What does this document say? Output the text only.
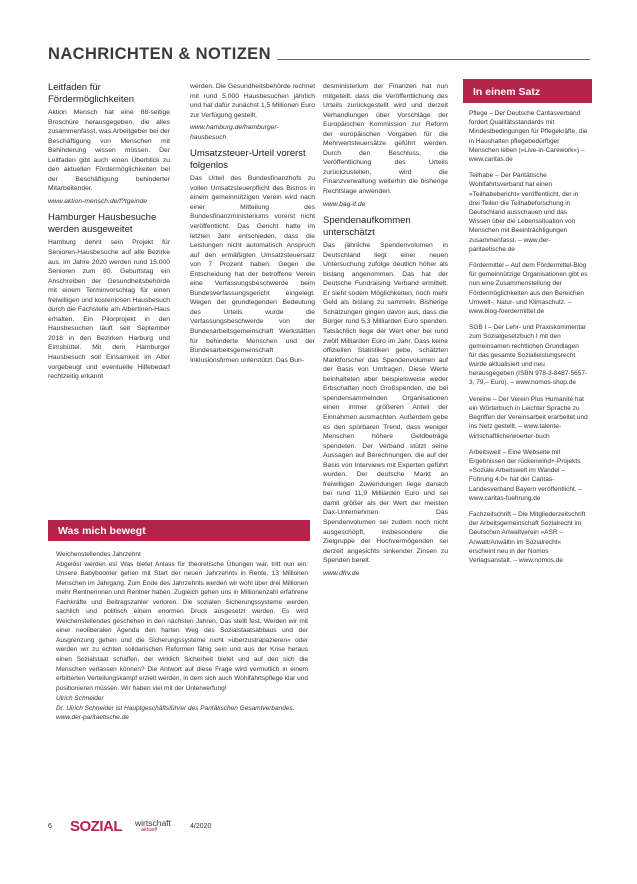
NACHRICHTEN & NOTIZEN
Leitfaden für Fördermöglichkeiten

Aktion Mensch hat eine 88-seitige Broschüre herausgegeben, die alles zusammenfasst, was Arbeitgeber bei der Beschäftigung von Menschen mit Behinderung wissen müssen. Der Leitfaden gibt auch einen Überblick zu den aktuellen Fördermöglichkeiten bei der Beschäftigung behinderter Mitarbeitender.

www.aktion-mensch.de/f?tgeinde

Hamburger Hausbesuche werden ausgeweitet

Hamburg dehnt sein Projekt für Senioren-Hausbesuche auf alle Bezirke aus. Im Jahre 2020 werden rund 15.000 Senioren zum 80. Geburtstag ein Anschreiben der Gesundheitsbehörde mit einem Terminvorschlag für einen freiwilligen und kostenlosen Hausbesuch durch die Fachstelle am Albertinen-Haus erhalten. Ein Pilorprojekt in den Hausbesuchen läuft seit September 2018 in den Bezirken Harburg und Eimsbüttel. Mit dem Hamburger Hausbesuch soll Einsamkeit im Alter vorgebeugt und eventuelle Hilfebedarf rechtzeitig erkannt

werden. Die Gesundheitsbehörde rechnet mit rund 5.000 Hausbesuchen jährlich und hat dafür zunächst 1,5 Millionen Euro zur Verfügung gestellt.

www.hamburg.de/hamburger-hausbesuch

Umsatzsteuer-Urteil vorerst folgenlos

Das Urteil des Bundesfinanzhofs zu vollen Umsatzsteuerpflicht des Bistros in einem gemeinnützigen Verein wird nach einer Mitteilung des Bundesfinanzministeriums vorerst nicht veröffentlicht. Das Gericht hatte im letzten Jahr entschieden, dass die Leistungen nicht automatisch Anspruch auf den ermäßigten Umsatzsteuersatz von 7 Prozent haben. Gegen die Entscheidung hat der betroffene Verein eine Verfassungsbeschwerde beim Bundesverfassungsgericht eingelegt. Wegen der grundlegenden Bedeutung des Urteils wurde die Verfassungsbeschwerde von der Bundesarbeitsgemeinschaft Werkstätten für behinderte Menschen und der Bundesarbeitsgemeinschaft Inklusionsfirmen unterstützt. Das Bun-

desministerium der Finanzen hat nun mitgeteilt, dass die Veröffentlichung des Urteils zurückgestellt wird und derzeit Verhandlungen über Vorschläge der Europäischen Kommission zur Reform der europäischen Vorgaben für die Mehrwertsteuersätze geführt werden. Durch den Beschluss, die Veröffentlichung des Urteils zurückzustellen, wird die Finanzverwaltung weiterhin die bisherige Rechtslage anwenden.

www.bag-if.de

Spendenaufkommen unterschätzt

Das jährliche Spendenvolumen in Deutschland liegt einer neuen Untersuchung zufolge deutlich höher als bislang angenommen. Das hat der Deutsche Fundraising Verband ermittelt. Er sieht sodem Möglichkeiten, noch mehr Geld als bislang zu sammeln. Bisherige Schätzungen gingen davon aus, dass die Bürger rund 5,3 Milliarden Euro spenden. Tatsächlich liege der Wert eher bei rund zwölf Milliarden Euro im Jahr. Dass keine offiziellen Statistiken gebe, schätzten Marktforscher das Spendenvolumen auf der Basis von Umfragen. Diese Werte beinhalteten aber beispielsweise weder Erbschaften noch Großspenden, die bei spendensammelnden Organisationen einen immer größeren Anteil der Einnahmen ausmachten. Außerdem gebe es den spürbaren Trend, dass weniger Menschen höhere Geldbeträge spendeten. Der Verband stützt seine Aussagen auf Berechnungen, die auf der Basis von Interviews mit Experten geführt wurden. Der deutsche Markt an freiwilligen Zuwendungen liege danach bei rund 11,9 Milliarden Euro und sei damit größer als der Wert der meisten Dax-Unternehmen. Das Spendenvolumen sei zudem noch nicht ausgeschöpft, insbesondere die Zielgruppe der Hochvermögenden sei derzeit angesichts sinkender Zinsen zu Spenden bereit.

www.dfrv.de

In einem Satz

Pflege – Der Deutsche Caritasverband fordert Qualitätsstandards mit Mindestbedingungen für Pflegekräfte, die in Haushalten pflegebedürftiger Menschen leben (»Live-in-Carework«) – www.caritas.de

Teilhabe – Der Paritätische Wohlfahrtsverband hat einen »Teilhabebericht« veröffentlicht, der in drei Teilen die Teilhabeforschung in Deutschland ausschauen und das Wissen über die Lebenssituation von Menschen mit Beeinträchtigungen zusammenfasst. – www.der-paritaetische.de

Fördermittel – Auf dem Fördermittel-Blog für gemeinnützige Organisationen gibt es nun eine Zusammenstellung der Fördermöglichkeiten aus den Bereichen Umwelt-, Natur- und Klimaschutz. – www.blog-foerdermittel.de

SGB I – Der Lehr- und Praxiskommentar zum Sozialgesetzbuch I mit den gemeinsamen rechtlichen Grundlagen für das gesamte Sozialleistungsrecht wurde aktualisiert und neu herausgegeben (ISBN 978-3-8487-5657-3, 79,– Euro). – www.nomos-shop.de

Vereine – Der Verein Plus Humanité hat ein Wörterbuch in Leichter Sprache zu Begriffen der Vereinsarbeit erarbeitet und ins Netz gestellt. – www.talente-wirtschaftliche/woerter-buch

Arbeitswelt – Eine Webseite mit Ergebnissen der rückenwind+-Projekts »Soziale Arbeitswelt im Wandel – Führung 4.0« hat der Caritas-Landesverband Bayern veröffentlicht. – www.caritas-fuehrung.de

Fachzeitschrift – Die Mitgliederzeitschrift der Arbeitsgemeinschaft Sozialrecht im Deutschen Anwaltverein »ASR – Anwalt/Anwältin im Sozialrecht« erscheint neu in der Nomos Verlagsanstalt. – www.nomos.de

Was mich bewegt

Weichenstellendes Jahrzehnt

Abgelöst werden es! Was bietet Anlass für theoretische Übungen war, tritt nun ein: Unsere Babyboomer gehen mit Start der neuen Jahrzehnts in Rente. 13 Millionen Menschen im Jahrgang. Zum Ende des Jahrzehnts werden wir wohl über drei Millionen mehr Rentnerinnen und Rentner haben. Zugleich gehen uns in Millionenzahl erfahrene Fachkräfte und Beitragszahler verloren. Die sozialen Sicherungssysteme werden sachlich und politisch einem enormen Druck ausgesetzt werden. Es wird Weichenstellendes geschehen in den nächsten Jahren. Das stellt fest. Werden wir mit einer neoliberalen Agenda den harten Weg des Sozialstaatsabbaus und der Ausgrenzung gehen und die Sicherungssysteme nicht »überzustrapazieren« oder werden wir zu echten solidarischen Reformen fähig sein und aus der Krise heraus einen Sozialstaat schaffen, der wirklich Sicherheit bietet und auf den sich die Menschen verlassen können? Die Antwort auf diese Frage wird vermutlich in einem erbitterten Verteilungskampf erzielt werden, in dem sich auch Wohlfahrtspflege klar und positionieren müssen. Wir haben viel mit der Unterwerfung!

Ulrich Schneider

Dr. Ulrich Schneider ist Hauptgeschäftsführer des Paritätischen Gesamtverbandes.

www.der-paritaetische.de

6 SOZIAL wirtschaft
aktuell	4/2020
